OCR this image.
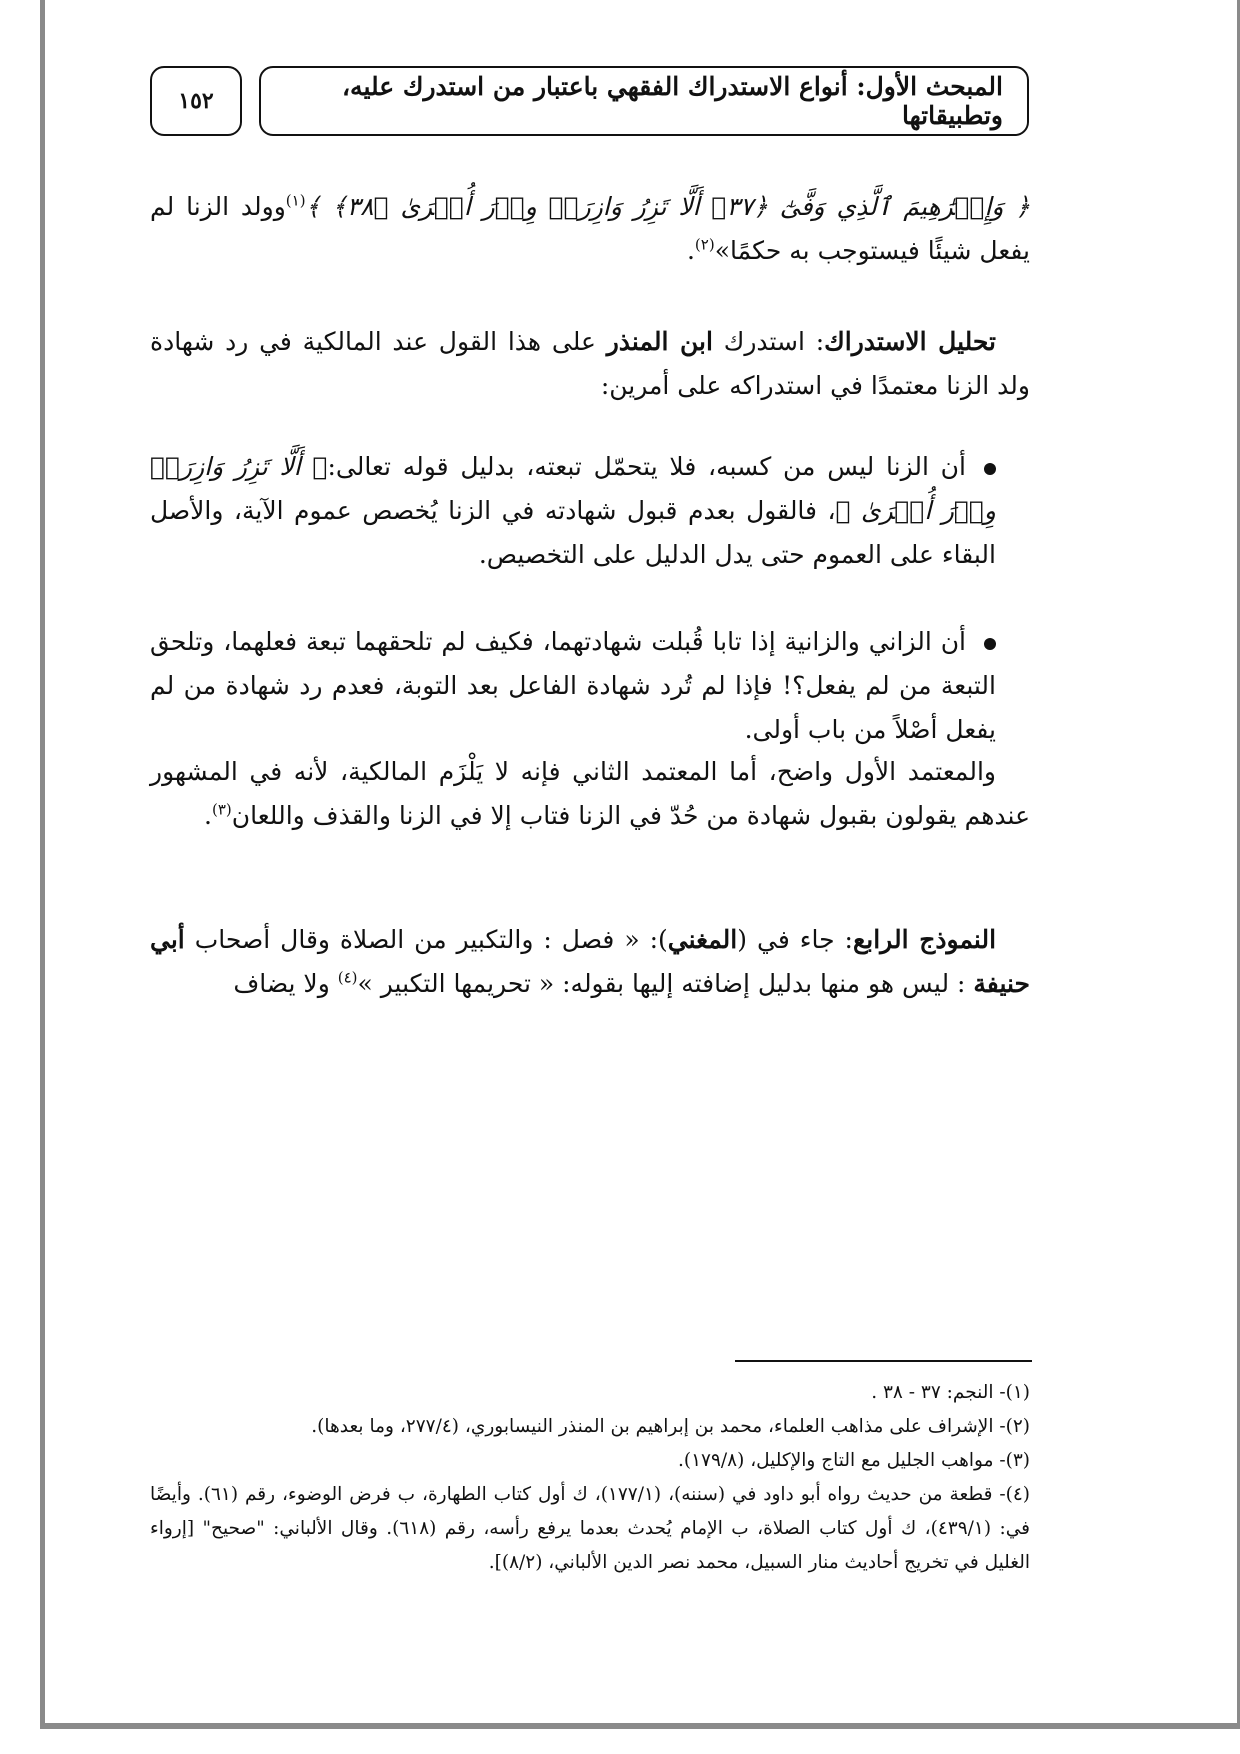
المبحث الأول: أنواع الاستدراك الفقهي باعتبار من استدرك عليه، وتطبيقاتها
١٥٢

﴿ وَإِبۡرَٰهِيمَ ٱلَّذِي وَفَّىٰٓ ﴿٣٧﴾ أَلَّا تَزِرُ وَازِرَةٞ وِزۡرَ أُخۡرَىٰ ﴿٣٨﴾ ﴾$^{(١)}$وولد الزنا لم يفعل شيئًا فيستوجب به حكمًا»$^{(٢)}$.

تحليل الاستدراك: استدرك ابن المنذر على هذا القول عند المالكية في رد شهادة ولد الزنا معتمدًا في استدراكه على أمرين:

أن الزنا ليس من كسبه، فلا يتحمّل تبعته، بدليل قوله تعالى:﴿ أَلَّا تَزِرُ وَازِرَةٞ وِزۡرَ أُخۡرَىٰ ﴾، فالقول بعدم قبول شهادته في الزنا يُخصص عموم الآية، والأصل البقاء على العموم حتى يدل الدليل على التخصيص.

أن الزاني والزانية إذا تابا قُبلت شهادتهما، فكيف لم تلحقهما تبعة فعلهما، وتلحق التبعة من لم يفعل؟! فإذا لم تُرد شهادة الفاعل بعد التوبة، فعدم رد شهادة من لم يفعل أصْلاً من باب أولى.

والمعتمد الأول واضح، أما المعتمد الثاني فإنه لا يَلْزَم المالكية، لأنه في المشهور عندهم يقولون بقبول شهادة من حُدّ في الزنا فتاب إلا في الزنا والقذف واللعان$^{(٣)}$.

النموذج الرابع: جاء في (المغني): « فصل : والتكبير من الصلاة وقال أصحاب أبي حنيفة : ليس هو منها بدليل إضافته إليها بقوله: « تحريمها التكبير »$^{(٤)}$ ولا يضاف

(١)- النجم: ٣٧ - ٣٨ .

(٢)- الإشراف على مذاهب العلماء، محمد بن إبراهيم بن المنذر النيسابوري، (٢٧٧/٤، وما بعدها).

(٣)- مواهب الجليل مع التاج والإكليل، (١٧٩/٨).

(٤)- قطعة من حديث رواه أبو داود في (سننه)، (١٧٧/١)، ك أول كتاب الطهارة، ب فرض الوضوء، رقم (٦١). وأيضًا في: (٤٣٩/١)، ك أول كتاب الصلاة، ب الإمام يُحدث بعدما يرفع رأسه، رقم (٦١٨). وقال الألباني: "صحيح" [إرواء الغليل في تخريج أحاديث منار السبيل، محمد نصر الدين الألباني، (٨/٢)].
